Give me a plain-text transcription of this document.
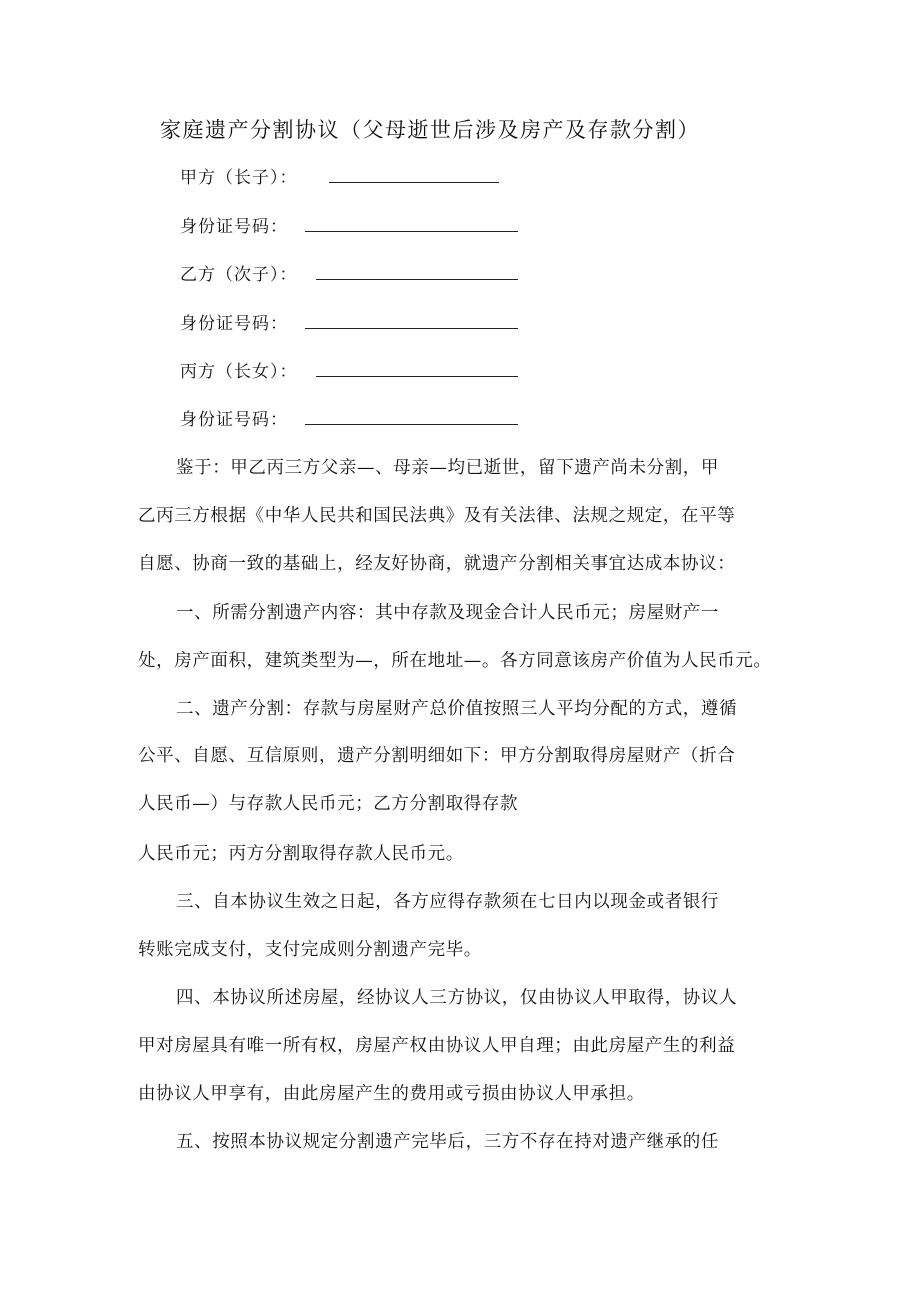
家庭遗产分割协议（父母逝世后涉及房产及存款分割）
甲方（长子）：
身份证号码：
乙方（次子）：
身份证号码：
丙方（长女）：
身份证号码：
鉴于：甲乙丙三方父亲—、母亲—均已逝世，留下遗产尚未分割，甲
乙丙三方根据《中华人民共和国民法典》及有关法律、法规之规定，在平等
自愿、协商一致的基础上，经友好协商，就遗产分割相关事宜达成本协议：
一、所需分割遗产内容：其中存款及现金合计人民币元；房屋财产一
处，房产面积，建筑类型为—，所在地址—。各方同意该房产价值为人民币元。
二、遗产分割：存款与房屋财产总价值按照三人平均分配的方式，遵循
公平、自愿、互信原则，遗产分割明细如下：甲方分割取得房屋财产（折合
人民币—）与存款人民币元；乙方分割取得存款
人民币元；丙方分割取得存款人民币元。
三、自本协议生效之日起，各方应得存款须在七日内以现金或者银行
转账完成支付，支付完成则分割遗产完毕。
四、本协议所述房屋，经协议人三方协议，仅由协议人甲取得，协议人
甲对房屋具有唯一所有权，房屋产权由协议人甲自理；由此房屋产生的利益
由协议人甲享有，由此房屋产生的费用或亏损由协议人甲承担。
五、按照本协议规定分割遗产完毕后，三方不存在持对遗产继承的任
